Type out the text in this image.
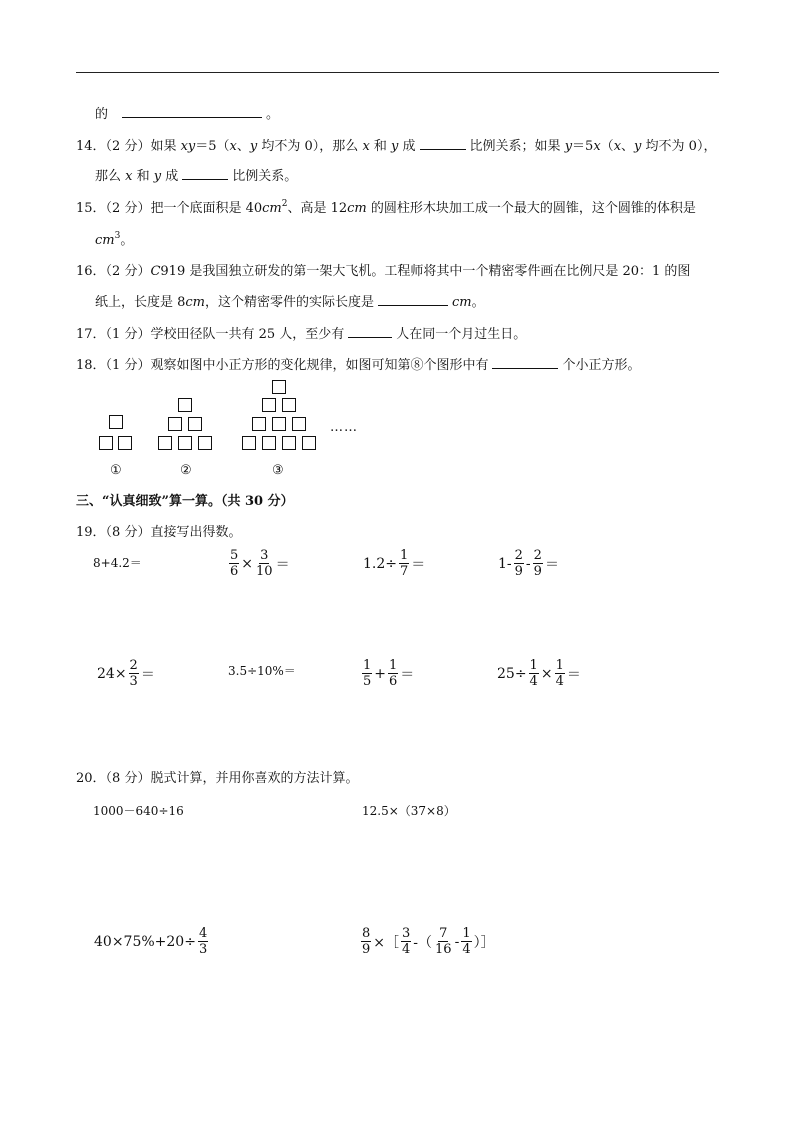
的	。
14．（2 分）如果 xy＝5（x、y 均不为 0），那么 x 和 y 成	比例关系；如果 y＝5x（x、y 均不为 0），
那么 x 和 y 成	比例关系。
15．（2 分）把一个底面积是 $40cm^2$、高是 12cm 的圆柱形木块加工成一个最大的圆锥，这个圆锥的体积是
$cm^3$。
16．（2 分）C919 是我国独立研发的第一架大飞机。工程师将其中一个精密零件画在比例尺是 20：1 的图
纸上，长度是 8cm，这个精密零件的实际长度是	cm。
17．（1 分）学校田径队一共有 25 人，至少有	人在同一个月过生日。
18．（1 分）观察如图中小正方形的变化规律，如图可知第⑧个图形中有	个小正方形。
……
①	②	③
三、“认真细致”算一算。（共 30 分）
19．（8 分）直接写出得数。
8+4.2＝	$\frac{5}{6} \times \frac{3}{10}$ ＝	$1.2\div \frac{1}{7}$ ＝	$1- \frac{2}{9} - \frac{2}{9}$ ＝
$24\times \frac{2}{3}$ ＝	3.5÷10%＝	$\frac{1}{5} + \frac{1}{6}$ ＝	$25\div \frac{1}{4} \times \frac{1}{4}$ ＝
20．（8 分）脱式计算，并用你喜欢的方法计算。
1000－640÷16	12.5×（37×8）
$40\times 75\%+20\div \frac{4}{3}$	$\frac{8}{9}$ ×［ $\frac{3}{4}$ -（ $\frac{7}{16} - \frac{1}{4}$ ）］
